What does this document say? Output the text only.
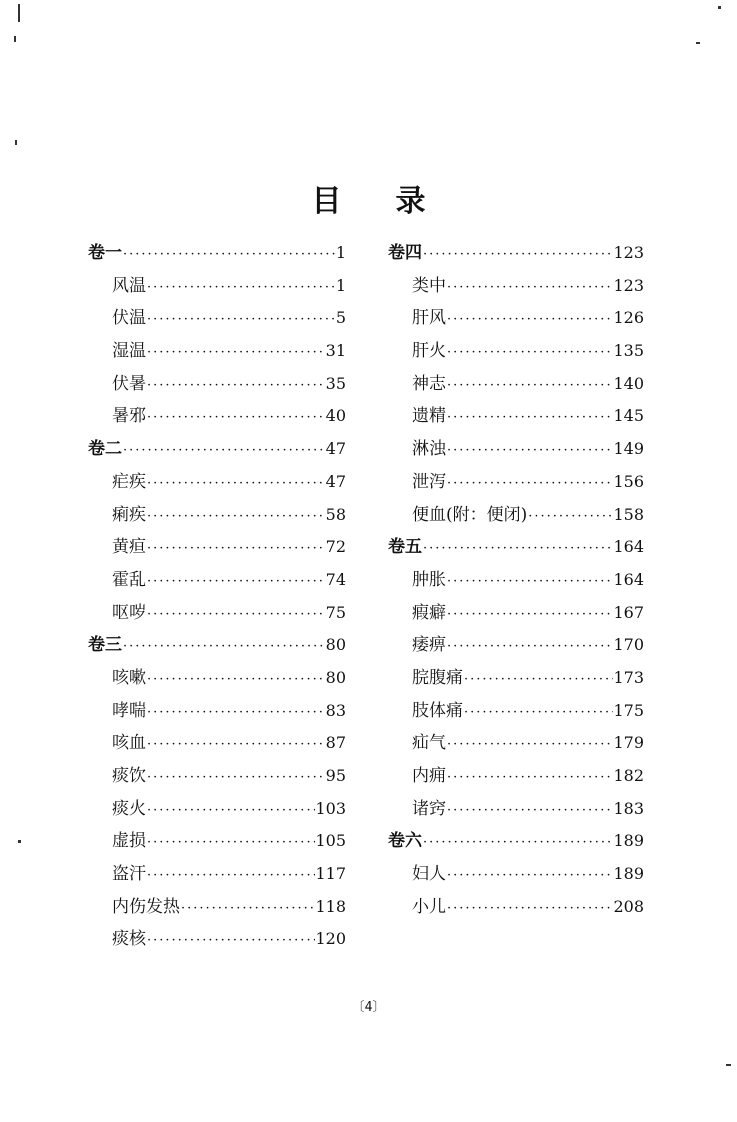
目 录
卷一 ·····	1
风温 ·····	1
伏温 ·····	5
湿温 ·····	31
伏暑 ·····	35
暑邪 ·····	40
卷二 ·····	47
疟疾 ·····	47
痢疾 ·····	58
黄疸 ·····	72
霍乱 ·····	74
呕哕 ·····	75
卷三 ·····	80
咳嗽 ·····	80
哮喘 ·····	83
咳血 ·····	87
痰饮 ·····	95
痰火 ·····	103
虚损 ·····	105
盗汗 ·····	117
内伤发热 ·····	118
痰核 ·····	120
卷四 ·····	123
类中 ·····	123
肝风 ·····	126
肝火 ·····	135
神志 ·····	140
遗精 ·····	145
淋浊 ·····	149
泄泻 ·····	156
便血(附：便闭) ·····	158
卷五 ·····	164
肿胀 ·····	164
瘕癖 ·····	167
痿痹 ·····	170
脘腹痛 ·····	173
肢体痛 ·····	175
疝气 ·····	179
内痈 ·····	182
诸窍 ·····	183
卷六 ·····	189
妇人 ·····	189
小儿 ·····	208
〔4〕
